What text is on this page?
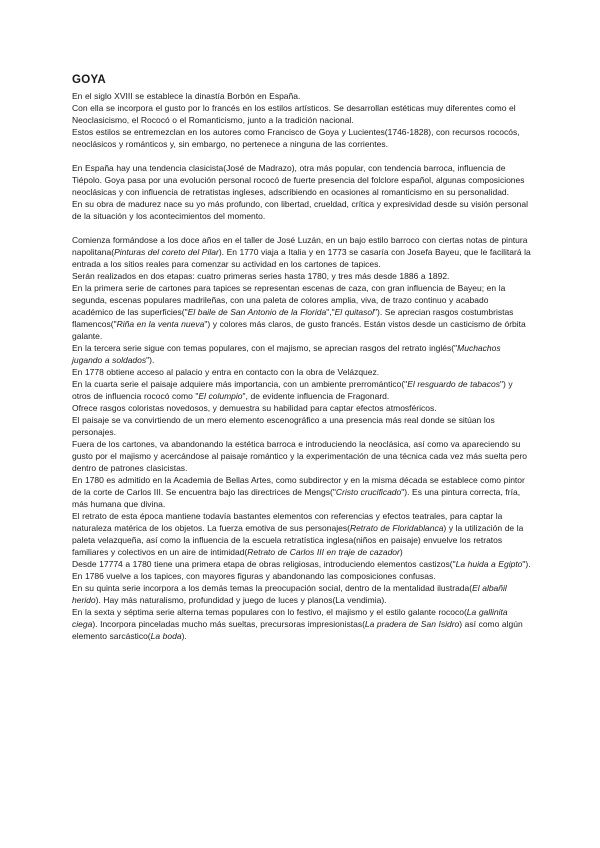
GOYA

En el siglo XVIII se establece la dinastía Borbón en España.

Con ella se incorpora el gusto por lo francés en los estilos artísticos. Se desarrollan estéticas muy diferentes como el Neoclasicismo, el Rococó o el Romanticismo, junto a la tradición nacional.

Estos estilos se entremezclan en los autores como Francisco de Goya y Lucientes(1746-1828), con recursos rococós, neoclásicos y románticos y, sin embargo, no pertenece a ninguna de las corrientes.

En España hay una tendencia clasicista(José de Madrazo), otra más popular, con tendencia barroca, influencia de Tiépolo. Goya pasa por una evolución personal rococó de fuerte presencia del folclore español, algunas composiciones neoclásicas y con influencia de retratistas ingleses, adscribiendo en ocasiones al romanticismo en su personalidad.

En su obra de madurez nace su yo más profundo, con libertad, crueldad, crítica y expresividad desde su visión personal de la situación y los acontecimientos del momento.

Comienza formándose a los doce años en el taller de José Luzán, en un bajo estilo barroco con ciertas notas de pintura napolitana(Pinturas del coreto del Pilar). En 1770 viaja a Italia y en 1773 se casaría con Josefa Bayeu, que le facilitará la entrada a los sitios reales para comenzar su actividad en los cartones de tapices.

Serán realizados en dos etapas: cuatro primeras series hasta 1780, y tres más desde 1886 a 1892.

En la primera serie de cartones para tapices se representan escenas de caza, con gran influencia de Bayeu; en la segunda, escenas populares madrileñas, con una paleta de colores amplia, viva, de trazo continuo y acabado académico de las superficies("El baile de San Antonio de la Florida","El quitasol"). Se aprecian rasgos costumbristas flamencos("Riña en la venta nueva") y colores más claros, de gusto francés. Están vistos desde un casticismo de órbita galante.

En la tercera serie sigue con temas populares, con el majismo, se aprecian rasgos del retrato inglés("Muchachos jugando a soldados").

En 1778 obtiene acceso al palacio y entra en contacto con la obra de Velázquez.

En la cuarta serie el paisaje adquiere más importancia, con un ambiente prerromántico("El resguardo de tabacos") y otros de influencia rococó como "El columpio", de evidente influencia de Fragonard.

Ofrece rasgos coloristas novedosos, y demuestra su habilidad para captar efectos atmosféricos.

El paisaje se va convirtiendo de un mero elemento escenográfico a una presencia más real donde se sitúan los personajes.

Fuera de los cartones, va abandonando la estética barroca e introduciendo la neoclásica, así como va apareciendo su gusto por el majismo y acercándose al paisaje romántico y la experimentación de una técnica cada vez más suelta pero dentro de patrones clasicistas.

En 1780 es admitido en la Academia de Bellas Artes, como subdirector y en la misma década se establece como pintor de la corte de Carlos III. Se encuentra bajo las directrices de Mengs("Cristo crucificado"). Es una pintura correcta, fría, más humana que divina.

El retrato de esta época mantiene todavía bastantes elementos con referencias y efectos teatrales, para captar la naturaleza matérica de los objetos. La fuerza emotiva de sus personajes(Retrato de Floridablanca) y la utilización de la paleta velazqueña, así como la influencia de la escuela retratística inglesa(niños en paisaje) envuelve los retratos familiares y colectivos en un aire de intimidad(Retrato de Carlos III en traje de cazador)

Desde 17774 a 1780 tiene una primera etapa de obras religiosas, introduciendo elementos castizos("La huida a Egipto").

En 1786 vuelve a los tapices, con mayores figuras y abandonando las composiciones confusas.

En su quinta serie incorpora a los demás temas la preocupación social, dentro de la mentalidad ilustrada(El albañil herido). Hay más naturalismo, profundidad y juego de luces y planos(La vendimia).

En la sexta y séptima serie alterna temas populares con lo festivo, el majismo y el estilo galante rococo(La gallinita ciega). Incorpora pinceladas mucho más sueltas, precursoras impresionistas(La pradera de San Isidro) así como algún elemento sarcástico(La boda).
